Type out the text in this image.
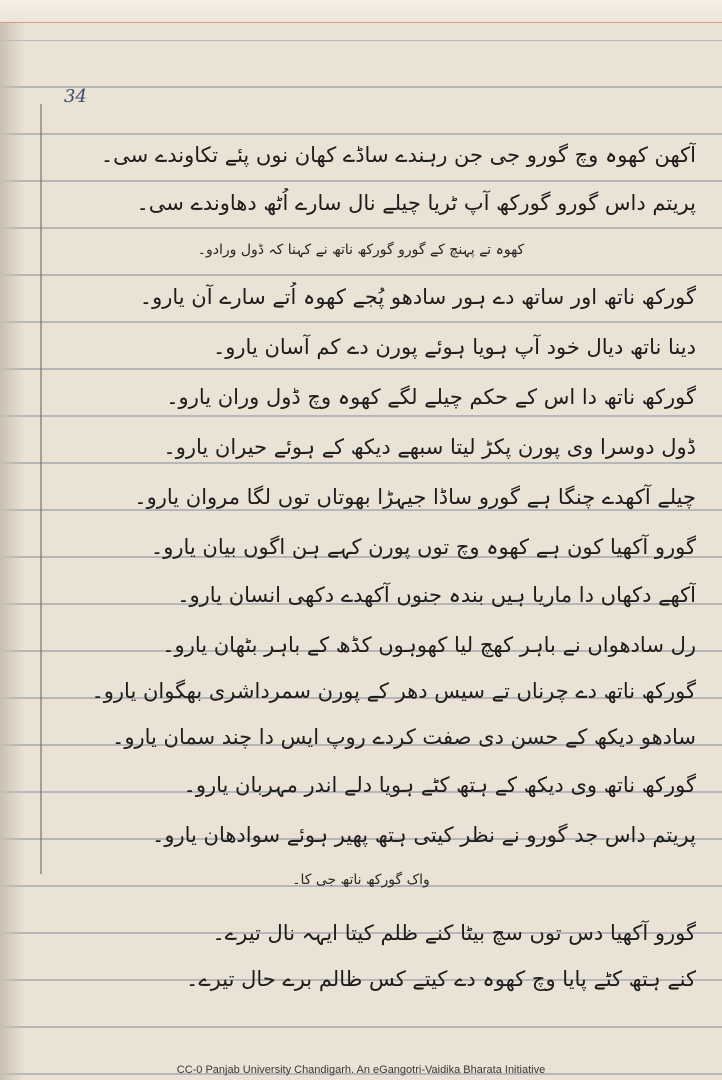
34
آکھن کھوہ وچ گورو جی جن رہندے ساڈے کھان نوں پئے تکاوندے سی۔
پریتم داس گورو گورکھ آپ ٹریا چیلے نال سارے اُٹھ دھاوندے سی۔
کھوہ تے پہنچ کے گورو گورکھ ناتھ نے کہنا کہ ڈول ورادو۔
گورکھ ناتھ اور ساتھ دے ہور سادھو پُجے کھوہ اُتے سارے آن یارو۔
دینا ناتھ دیال خود آپ ہویا ہوئے پورن دے کم آسان یارو۔
گورکھ ناتھ دا اس کے حکم چیلے لگے کھوہ وچ ڈول وران یارو۔
ڈول دوسرا وی پورن پکڑ لیتا سبھے دیکھ کے ہوئے حیران یارو۔
چیلے آکھدے چنگا ہے گورو ساڈا جیہڑا بھوتاں توں لگا مروان یارو۔
گورو آکھیا کون ہے کھوہ وچ توں پورن کہے ہن اگوں بیان یارو۔
آکھے دکھاں دا ماریا ہیں بندہ جنوں آکھدے دکھی انسان یارو۔
رل سادھواں نے باہر کھچ لیا کھوہوں کڈھ کے باہر بٹھان یارو۔
گورکھ ناتھ دے چرناں تے سیس دھر کے پورن سمرداشری بھگوان یارو۔
سادھو دیکھ کے حسن دی صفت کردے روپ ایس دا چند سمان یارو۔
گورکھ ناتھ وی دیکھ کے ہتھ کٹے ہویا دلے اندر مہربان یارو۔
پریتم داس جد گورو نے نظر کیتی ہتھ پھیر ہوئے سوادھان یارو۔
واک گورکھ ناتھ جی کا۔
گورو آکھیا دس توں سچ بیٹا کنے ظلم کیتا ایہہ نال تیرے۔
کنے ہتھ کٹے پایا وچ کھوہ دے کیتے کس ظالم برے حال تیرے۔
CC-0 Panjab University Chandigarh. An eGangotri-Vaidika Bharata Initiative
